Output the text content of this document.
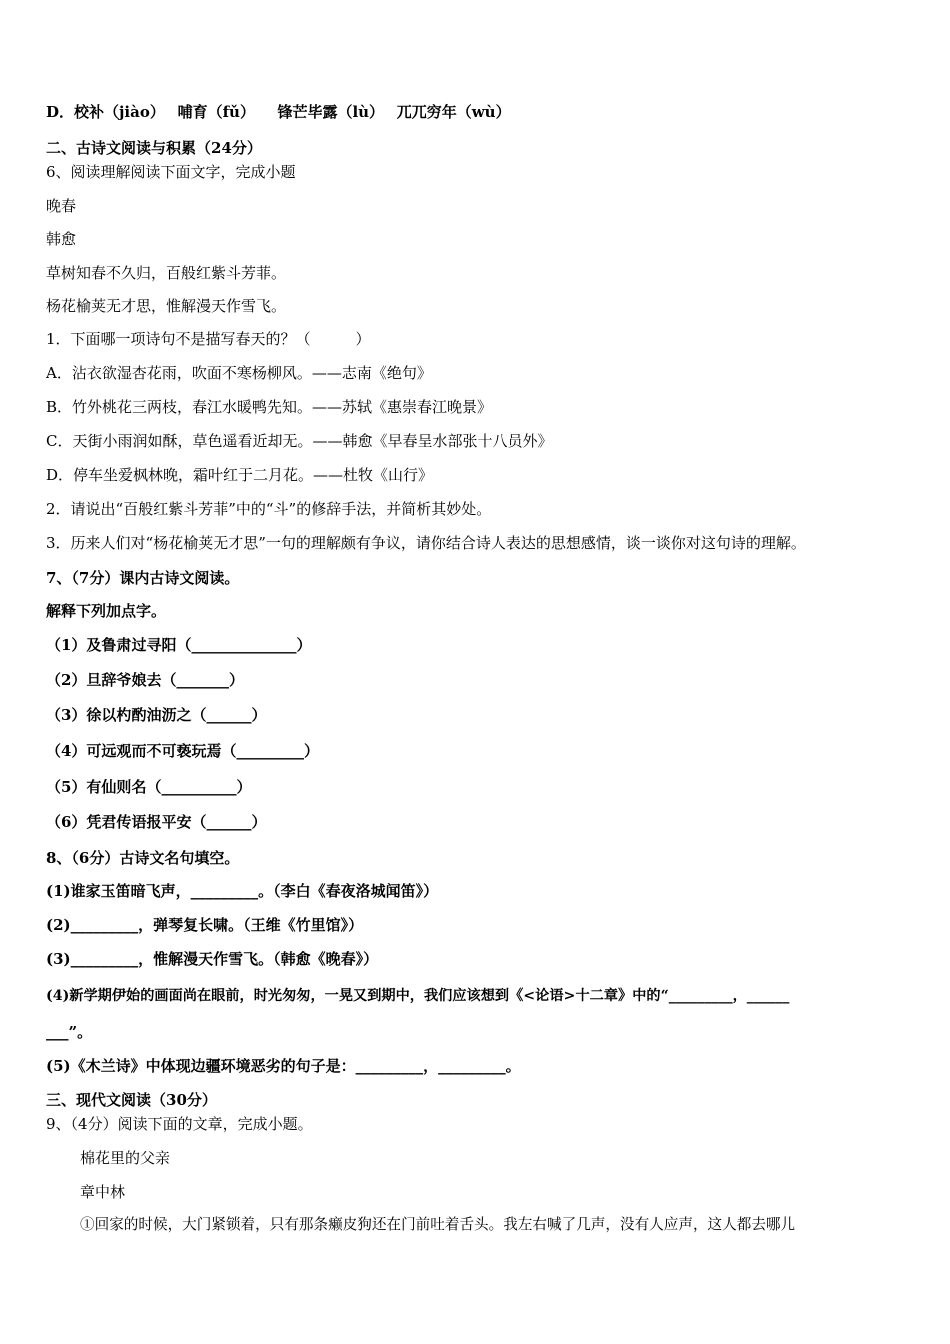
D．校补（jiào）　 哺育（fǔ）　　锋芒毕露（lù）　 兀兀穷年（wù）
二、古诗文阅读与积累（24分）
6、阅读理解阅读下面文字，完成小题
晚春
韩愈
草树知春不久归，百般红紫斗芳菲。
杨花榆荚无才思，惟解漫天作雪飞。
1．下面哪一项诗句不是描写春天的？（　　　）
A．沾衣欲湿杏花雨，吹面不寒杨柳风。——志南《绝句》
B．竹外桃花三两枝，春江水暖鸭先知。——苏轼《惠崇春江晚景》
C．天街小雨润如酥，草色遥看近却无。——韩愈《早春呈水部张十八员外》
D．停车坐爱枫林晚，霜叶红于二月花。——杜牧《山行》
2．请说出“百般红紫斗芳菲”中的“斗”的修辞手法，并简析其妙处。
3．历来人们对“杨花榆荚无才思”一句的理解颇有争议，请你结合诗人表达的思想感情，谈一谈你对这句诗的理解。
7、（7分）课内古诗文阅读。
解释下列加点字。
（1）及鲁肃过寻阳（______________）
（2）旦辞爷娘去（_______）
（3）徐以杓酌油沥之（______）
（4）可远观而不可亵玩焉（_________）
（5）有仙则名（__________）
（6）凭君传语报平安（______）
8、（6分）古诗文名句填空。
(1)谁家玉笛暗飞声，_________。（李白《春夜洛城闻笛》）
(2)_________，弹琴复长啸。（王维《竹里馆》）
(3)_________，惟解漫天作雪飞。（韩愈《晚春》）
(4)新学期伊始的画面尚在眼前，时光匆匆，一晃又到期中，我们应该想到《<论语>十二章》中的“_________，______
___”。
(5)《木兰诗》中体现边疆环境恶劣的句子是：_________，_________。
三、现代文阅读（30分）
9、（4分）阅读下面的文章，完成小题。
棉花里的父亲
章中林
①回家的时候，大门紧锁着，只有那条癞皮狗还在门前吐着舌头。我左右喊了几声，没有人应声，这人都去哪儿
